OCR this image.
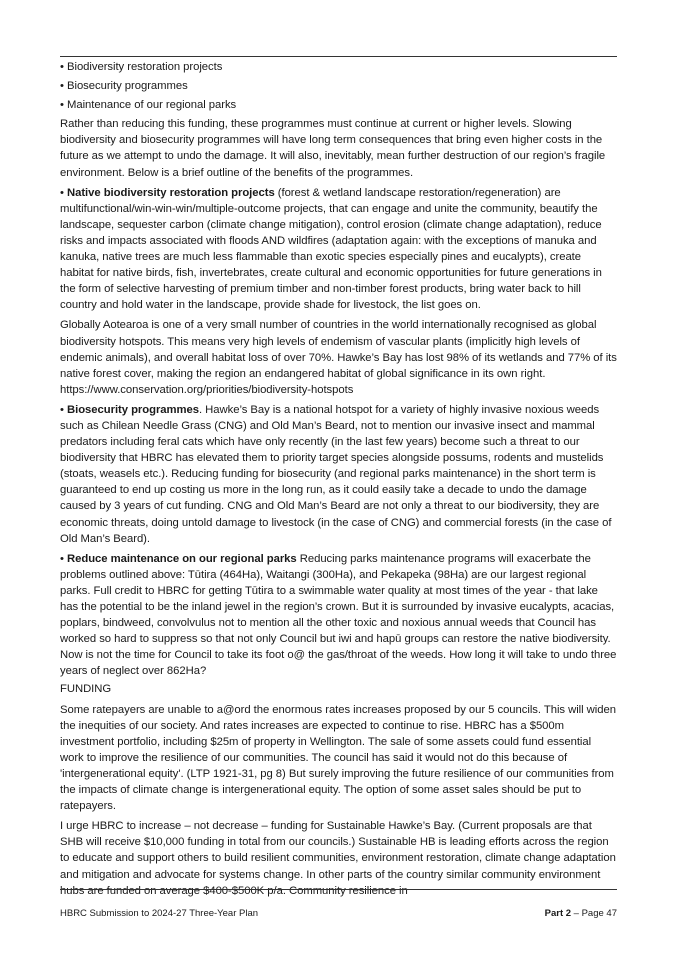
• Biodiversity restoration projects

• Biosecurity programmes

• Maintenance of our regional parks

Rather than reducing this funding, these programmes must continue at current or higher levels. Slowing biodiversity and biosecurity programmes will have long term consequences that bring even higher costs in the future as we attempt to undo the damage. It will also, inevitably, mean further destruction of our region’s fragile environment. Below is a brief outline of the benefits of the programmes.

• Native biodiversity restoration projects (forest & wetland landscape restoration/regeneration) are multifunctional/win-win-win/multiple-outcome projects, that can engage and unite the community, beautify the landscape, sequester carbon (climate change mitigation), control erosion (climate change adaptation), reduce risks and impacts associated with floods AND wildfires (adaptation again: with the exceptions of manuka and kanuka, native trees are much less flammable than exotic species especially pines and eucalypts), create habitat for native birds, fish, invertebrates, create cultural and economic opportunities for future generations in the form of selective harvesting of premium timber and non-timber forest products, bring water back to hill country and hold water in the landscape, provide shade for livestock, the list goes on.

Globally Aotearoa is one of a very small number of countries in the world internationally recognised as global biodiversity hotspots. This means very high levels of endemism of vascular plants (implicitly high levels of endemic animals), and overall habitat loss of over 70%. Hawke’s Bay has lost 98% of its wetlands and 77% of its native forest cover, making the region an endangered habitat of global significance in its own right. https://www.conservation.org/priorities/biodiversity-hotspots

• Biosecurity programmes. Hawke’s Bay is a national hotspot for a variety of highly invasive noxious weeds such as Chilean Needle Grass (CNG) and Old Man’s Beard, not to mention our invasive insect and mammal predators including feral cats which have only recently (in the last few years) become such a threat to our biodiversity that HBRC has elevated them to priority target species alongside possums, rodents and mustelids (stoats, weasels etc.). Reducing funding for biosecurity (and regional parks maintenance) in the short term is guaranteed to end up costing us more in the long run, as it could easily take a decade to undo the damage caused by 3 years of cut funding. CNG and Old Man’s Beard are not only a threat to our biodiversity, they are economic threats, doing untold damage to livestock (in the case of CNG) and commercial forests (in the case of Old Man’s Beard).

• Reduce maintenance on our regional parks Reducing parks maintenance programs will exacerbate the problems outlined above: Tūtira (464Ha), Waitangi (300Ha), and Pekapeka (98Ha) are our largest regional parks. Full credit to HBRC for getting Tūtira to a swimmable water quality at most times of the year - that lake has the potential to be the inland jewel in the region’s crown. But it is surrounded by invasive eucalypts, acacias, poplars, bindweed, convolvulus not to mention all the other toxic and noxious annual weeds that Council has worked so hard to suppress so that not only Council but iwi and hapū groups can restore the native biodiversity. Now is not the time for Council to take its foot o@ the gas/throat of the weeds. How long it will take to undo three years of neglect over 862Ha?

FUNDING

Some ratepayers are unable to a@ord the enormous rates increases proposed by our 5 councils. This will widen the inequities of our society. And rates increases are expected to continue to rise. HBRC has a $500m investment portfolio, including $25m of property in Wellington. The sale of some assets could fund essential work to improve the resilience of our communities. The council has said it would not do this because of 'intergenerational equity'. (LTP 1921-31, pg 8) But surely improving the future resilience of our communities from the impacts of climate change is intergenerational equity. The option of some asset sales should be put to ratepayers.

I urge HBRC to increase – not decrease – funding for Sustainable Hawke’s Bay. (Current proposals are that SHB will receive $10,000 funding in total from our councils.) Sustainable HB is leading efforts across the region to educate and support others to build resilient communities, environment restoration, climate change adaptation and mitigation and advocate for systems change. In other parts of the country similar community environment hubs are funded on average $400-$500K p/a. Community resilience in

HBRC Submission to 2024-27 Three-Year Plan	Part 2 – Page 47
